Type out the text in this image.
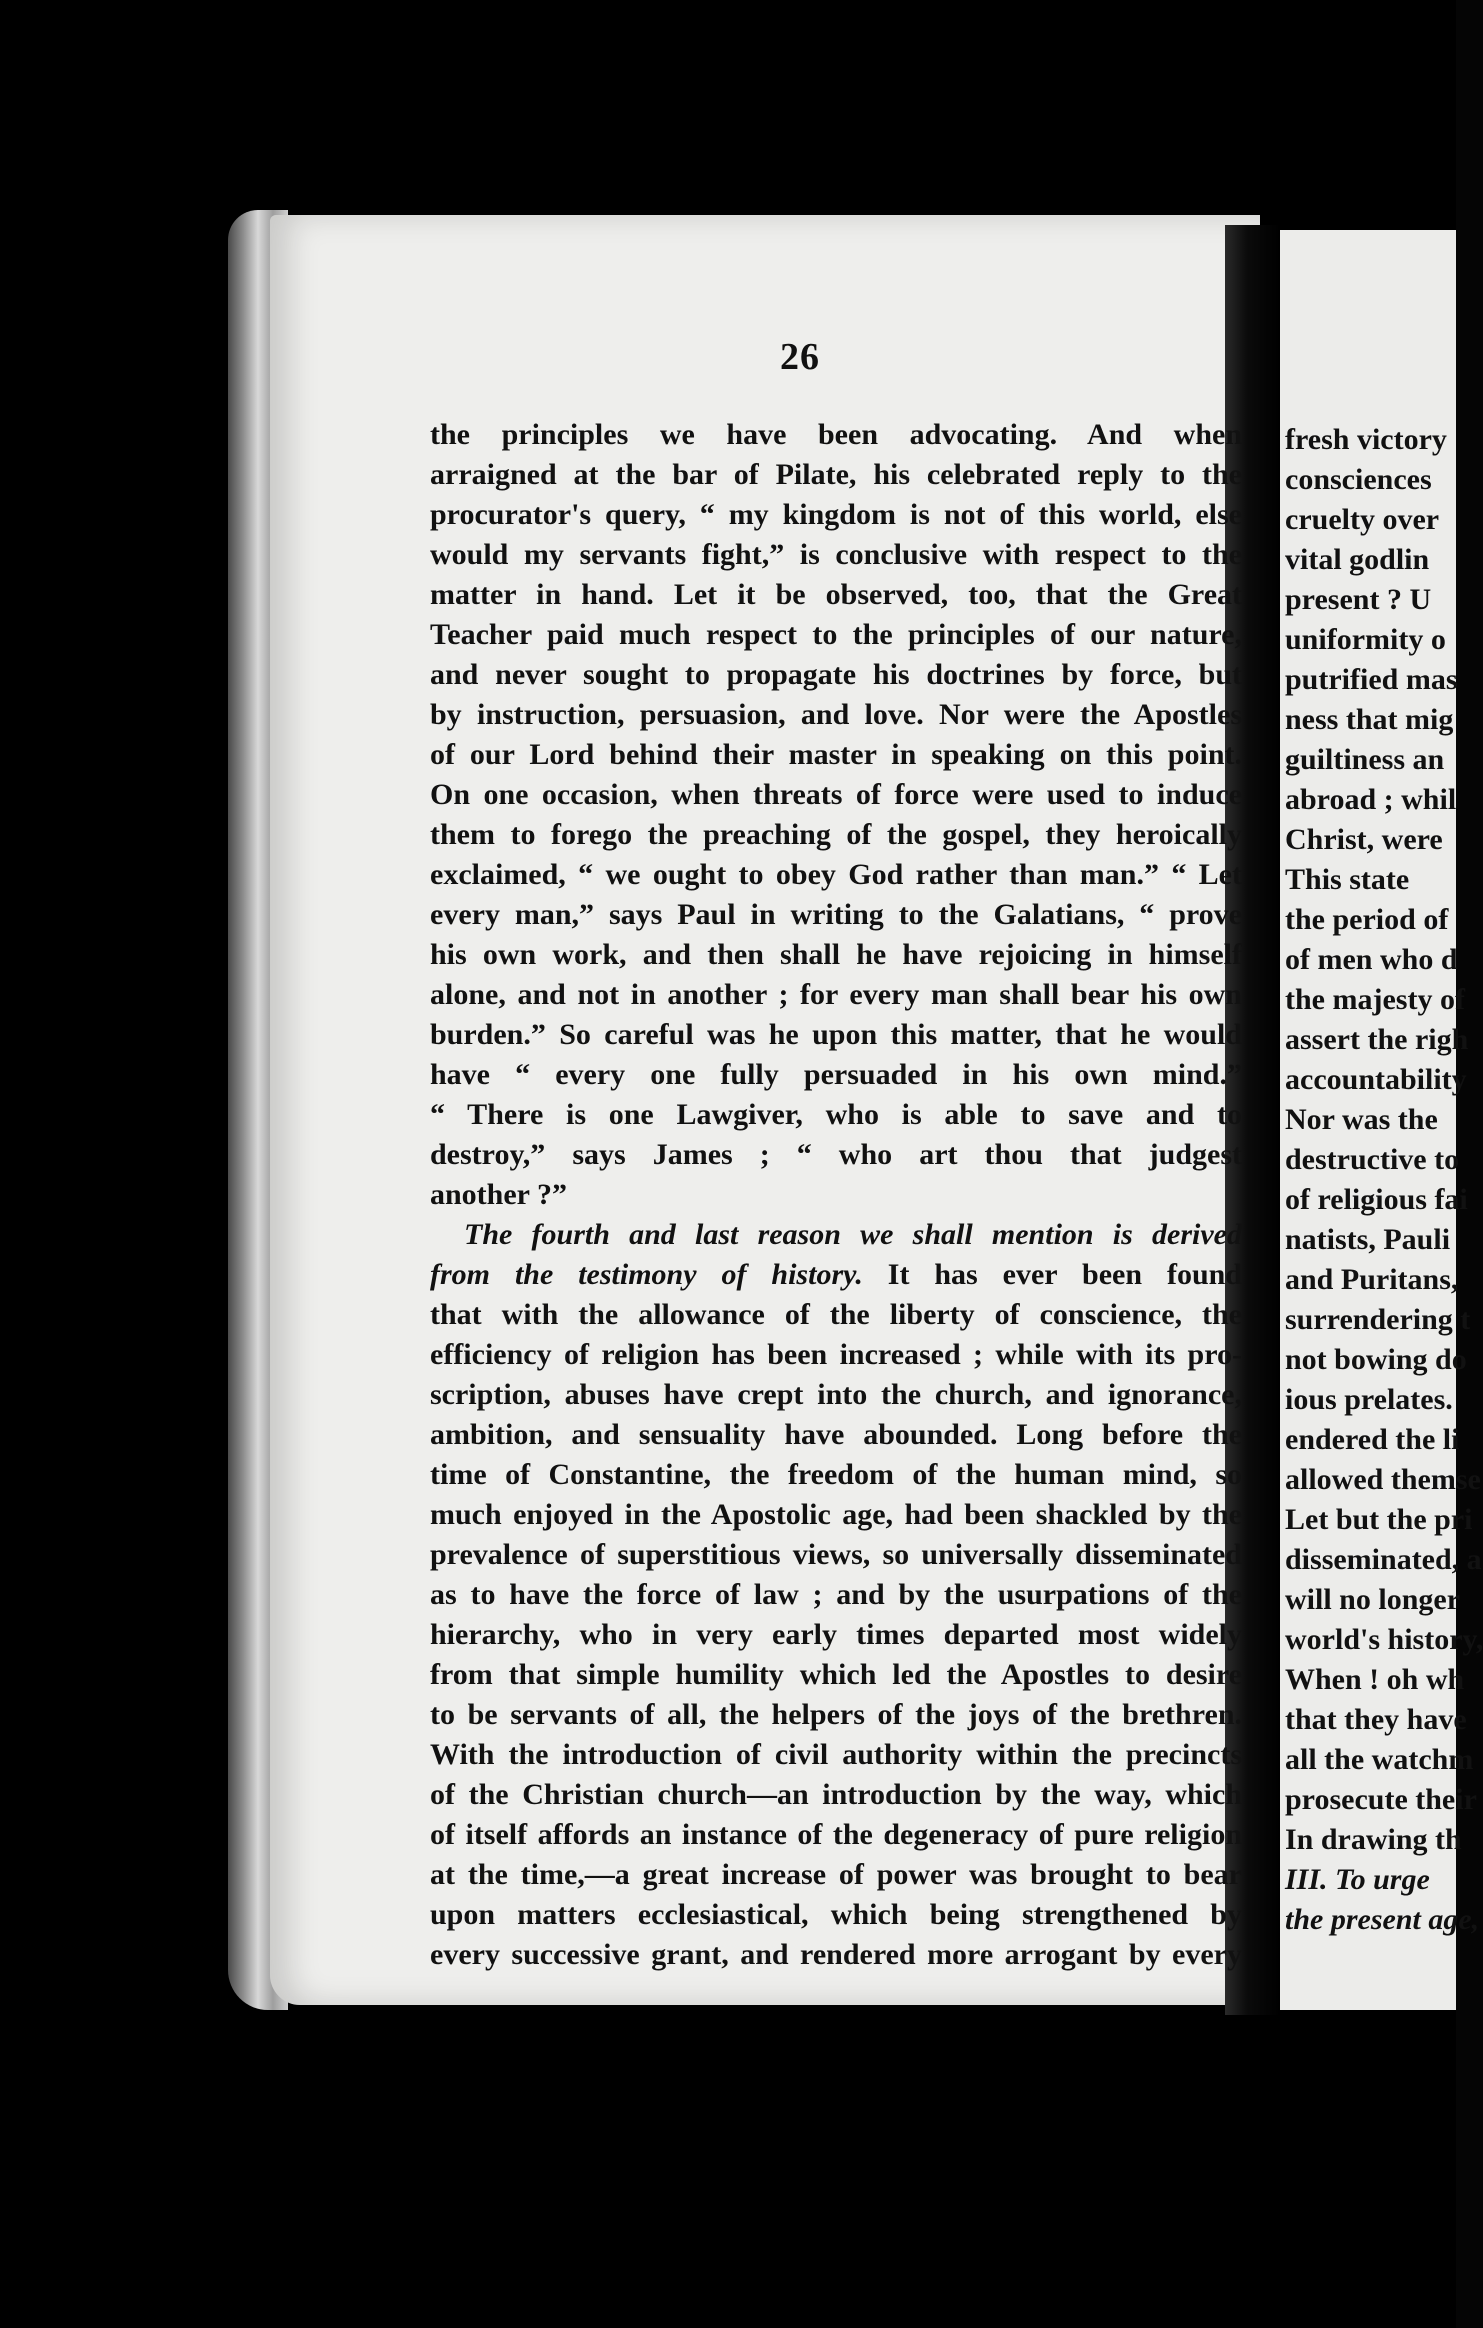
26
the principles we have been advocating. And when
arraigned at the bar of Pilate, his celebrated reply to the
procurator's query, “ my kingdom is not of this world, else
would my servants fight,” is conclusive with respect to the
matter in hand. Let it be observed, too, that the Great
Teacher paid much respect to the principles of our nature,
and never sought to propagate his doctrines by force, but
by instruction, persuasion, and love. Nor were the Apostles
of our Lord behind their master in speaking on this point.
On one occasion, when threats of force were used to induce
them to forego the preaching of the gospel, they heroically
exclaimed, “ we ought to obey God rather than man.” “ Let
every man,” says Paul in writing to the Galatians, “ prove
his own work, and then shall he have rejoicing in himself
alone, and not in another ; for every man shall bear his own
burden.” So careful was he upon this matter, that he would
have “ every one fully persuaded in his own mind.”
“ There is one Lawgiver, who is able to save and to
destroy,” says James ; “ who art thou that judgest
another ?”
The fourth and last reason we shall mention is derived
from the testimony of history. It has ever been found
that with the allowance of the liberty of conscience, the
efficiency of religion has been increased ; while with its pro-
scription, abuses have crept into the church, and ignorance,
ambition, and sensuality have abounded. Long before the
time of Constantine, the freedom of the human mind, so
much enjoyed in the Apostolic age, had been shackled by the
prevalence of superstitious views, so universally disseminated
as to have the force of law ; and by the usurpations of the
hierarchy, who in very early times departed most widely
from that simple humility which led the Apostles to desire
to be servants of all, the helpers of the joys of the brethren.
With the introduction of civil authority within the precincts
of the Christian church—an introduction by the way, which
of itself affords an instance of the degeneracy of pure religion
at the time,—a great increase of power was brought to bear
upon matters ecclesiastical, which being strengthened by
every successive grant, and rendered more arrogant by every
fresh victory
consciences
cruelty over
vital godlin
present ? U
uniformity o
putrified mas
ness that mig
guiltiness an
abroad ; whil
Christ, were
This state
the period of
of men who d
the majesty of
assert the righ
accountability
Nor was the
destructive to
of religious fai
natists, Pauli
and Puritans,
surrendering t
not bowing do
ious prelates.
endered the li
allowed themse
Let but the pri
disseminated, a
will no longer
world's history,
When ! oh wh
that they have
all the watchm
prosecute their
In drawing th
III. To urge
the present age,
